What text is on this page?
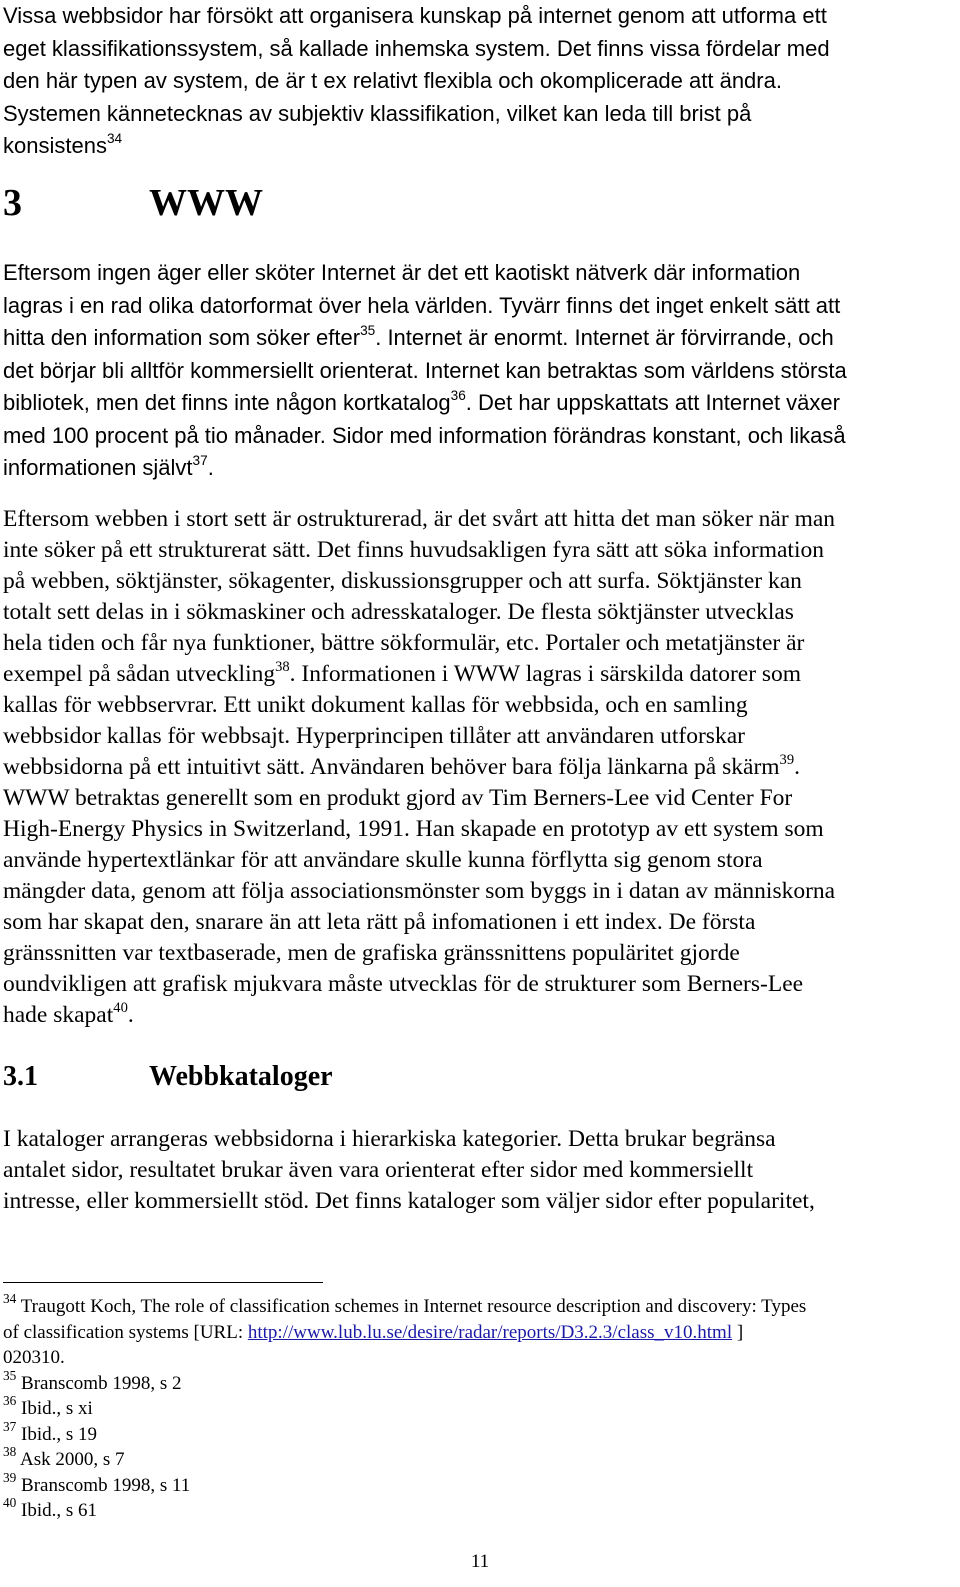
Vissa webbsidor har försökt att organisera kunskap på internet genom att utforma ett
eget klassifikationssystem, så kallade inhemska system. Det finns vissa fördelar med
den här typen av system, de är t ex relativt flexibla och okomplicerade att ändra.
Systemen kännetecknas av subjektiv klassifikation, vilket kan leda till brist på
konsistens$^{34}$
3	WWW
Eftersom ingen äger eller sköter Internet är det ett kaotiskt nätverk där information
lagras i en rad olika datorformat över hela världen. Tyvärr finns det inget enkelt sätt att
hitta den information som söker efter$^{35}$. Internet är enormt. Internet är förvirrande, och
det börjar bli alltför kommersiellt orienterat. Internet kan betraktas som världens största
bibliotek, men det finns inte någon kortkatalog$^{36}$. Det har uppskattats att Internet växer
med 100 procent på tio månader. Sidor med information förändras konstant, och likaså
informationen självt$^{37}$.
Eftersom webben i stort sett är ostrukturerad, är det svårt att hitta det man söker när man
inte söker på ett strukturerat sätt. Det finns huvudsakligen fyra sätt att söka information
på webben, söktjänster, sökagenter, diskussionsgrupper och att surfa. Söktjänster kan
totalt sett delas in i sökmaskiner och adresskataloger. De flesta söktjänster utvecklas
hela tiden och får nya funktioner, bättre sökformulär, etc. Portaler och metatjänster är
exempel på sådan utveckling$^{38}$. Informationen i WWW lagras i särskilda datorer som
kallas för webbservrar. Ett unikt dokument kallas för webbsida, och en samling
webbsidor kallas för webbsajt. Hyperprincipen tillåter att användaren utforskar
webbsidorna på ett intuitivt sätt. Användaren behöver bara följa länkarna på skärm$^{39}$.
WWW betraktas generellt som en produkt gjord av Tim Berners-Lee vid Center For
High-Energy Physics in Switzerland, 1991. Han skapade en prototyp av ett system som
använde hypertextlänkar för att användare skulle kunna förflytta sig genom stora
mängder data, genom att följa associationsmönster som byggs in i datan av människorna
som har skapat den, snarare än att leta rätt på infomationen i ett index. De första
gränssnitten var textbaserade, men de grafiska gränssnittens populäritet gjorde
oundvikligen att grafisk mjukvara måste utvecklas för de strukturer som Berners-Lee
hade skapat$^{40}$.
3.1	Webbkataloger
I kataloger arrangeras webbsidorna i hierarkiska kategorier. Detta brukar begränsa
antalet sidor, resultatet brukar även vara orienterat efter sidor med kommersiellt
intresse, eller kommersiellt stöd. Det finns kataloger som väljer sidor efter popularitet,
$^{34}$ Traugott Koch, The role of classification schemes in Internet resource description and discovery: Types
of classification systems [URL: http://www.lub.lu.se/desire/radar/reports/D3.2.3/class_v10.html ]
020310.
$^{35}$ Branscomb 1998, s 2
$^{36}$ Ibid., s xi
$^{37}$ Ibid., s 19
$^{38}$ Ask 2000, s 7
$^{39}$ Branscomb 1998, s 11
$^{40}$ Ibid., s 61
11
